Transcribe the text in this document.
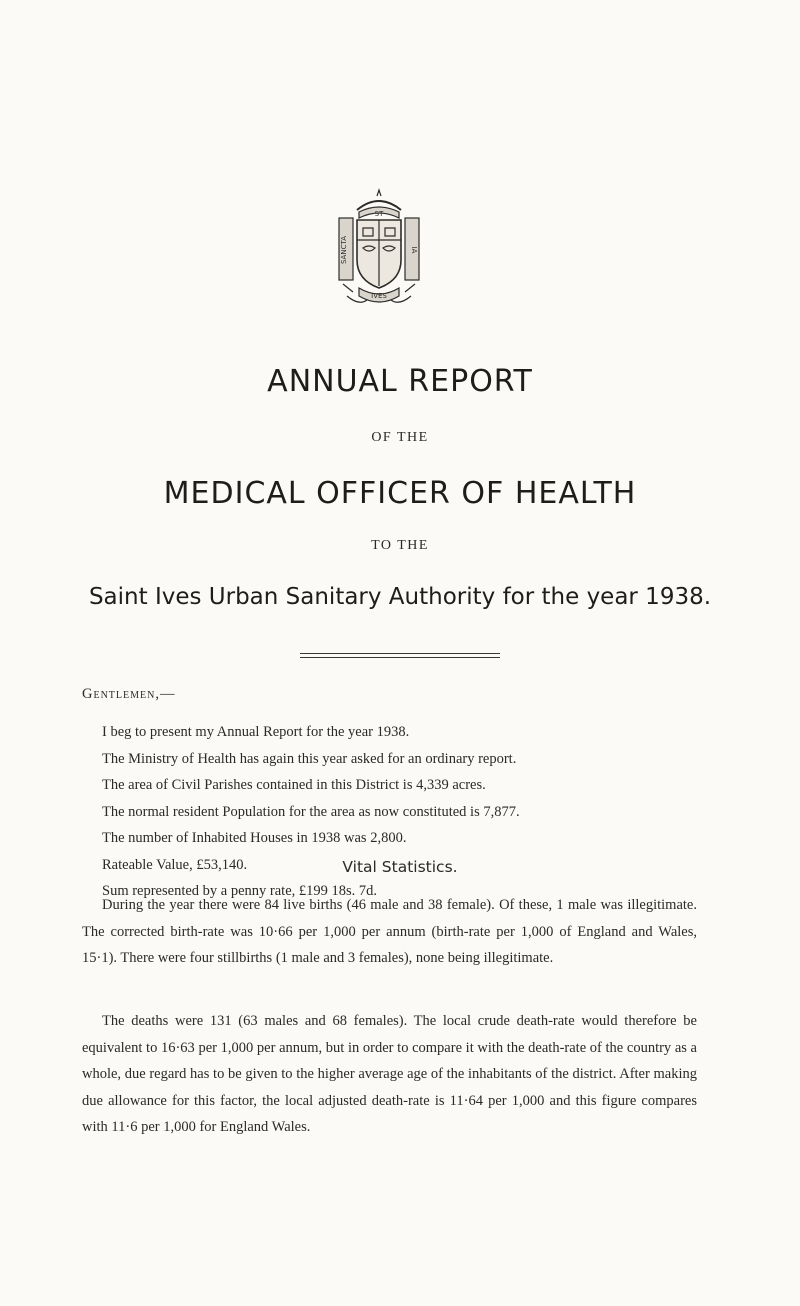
ST
SANCTA	IA
IVES
ANNUAL REPORT
OF THE
MEDICAL OFFICER OF HEALTH
TO THE
Saint Ives Urban Sanitary Authority for the year 1938.
Gentlemen,—
I beg to present my Annual Report for the year 1938.
The Ministry of Health has again this year asked for an ordinary report.
The area of Civil Parishes contained in this District is 4,339 acres.
The normal resident Population for the area as now constituted is 7,877.
The number of Inhabited Houses in 1938 was 2,800.
Rateable Value, £53,140.
Sum represented by a penny rate, £199 18s. 7d.
Vital Statistics.

During the year there were 84 live births (46 male and 38 female). Of these, 1 male was illegitimate. The corrected birth-rate was 10·66 per 1,000 per annum (birth-rate per 1,000 of England and Wales, 15·1). There were four stillbirths (1 male and 3 females), none being illegitimate.

The deaths were 131 (63 males and 68 females). The local crude death-rate would therefore be equivalent to 16·63 per 1,000 per annum, but in order to compare it with the death-rate of the country as a whole, due regard has to be given to the higher average age of the inhabitants of the district. After making due allowance for this factor, the local adjusted death-rate is 11·64 per 1,000 and this figure compares with 11·6 per 1,000 for England Wales.
